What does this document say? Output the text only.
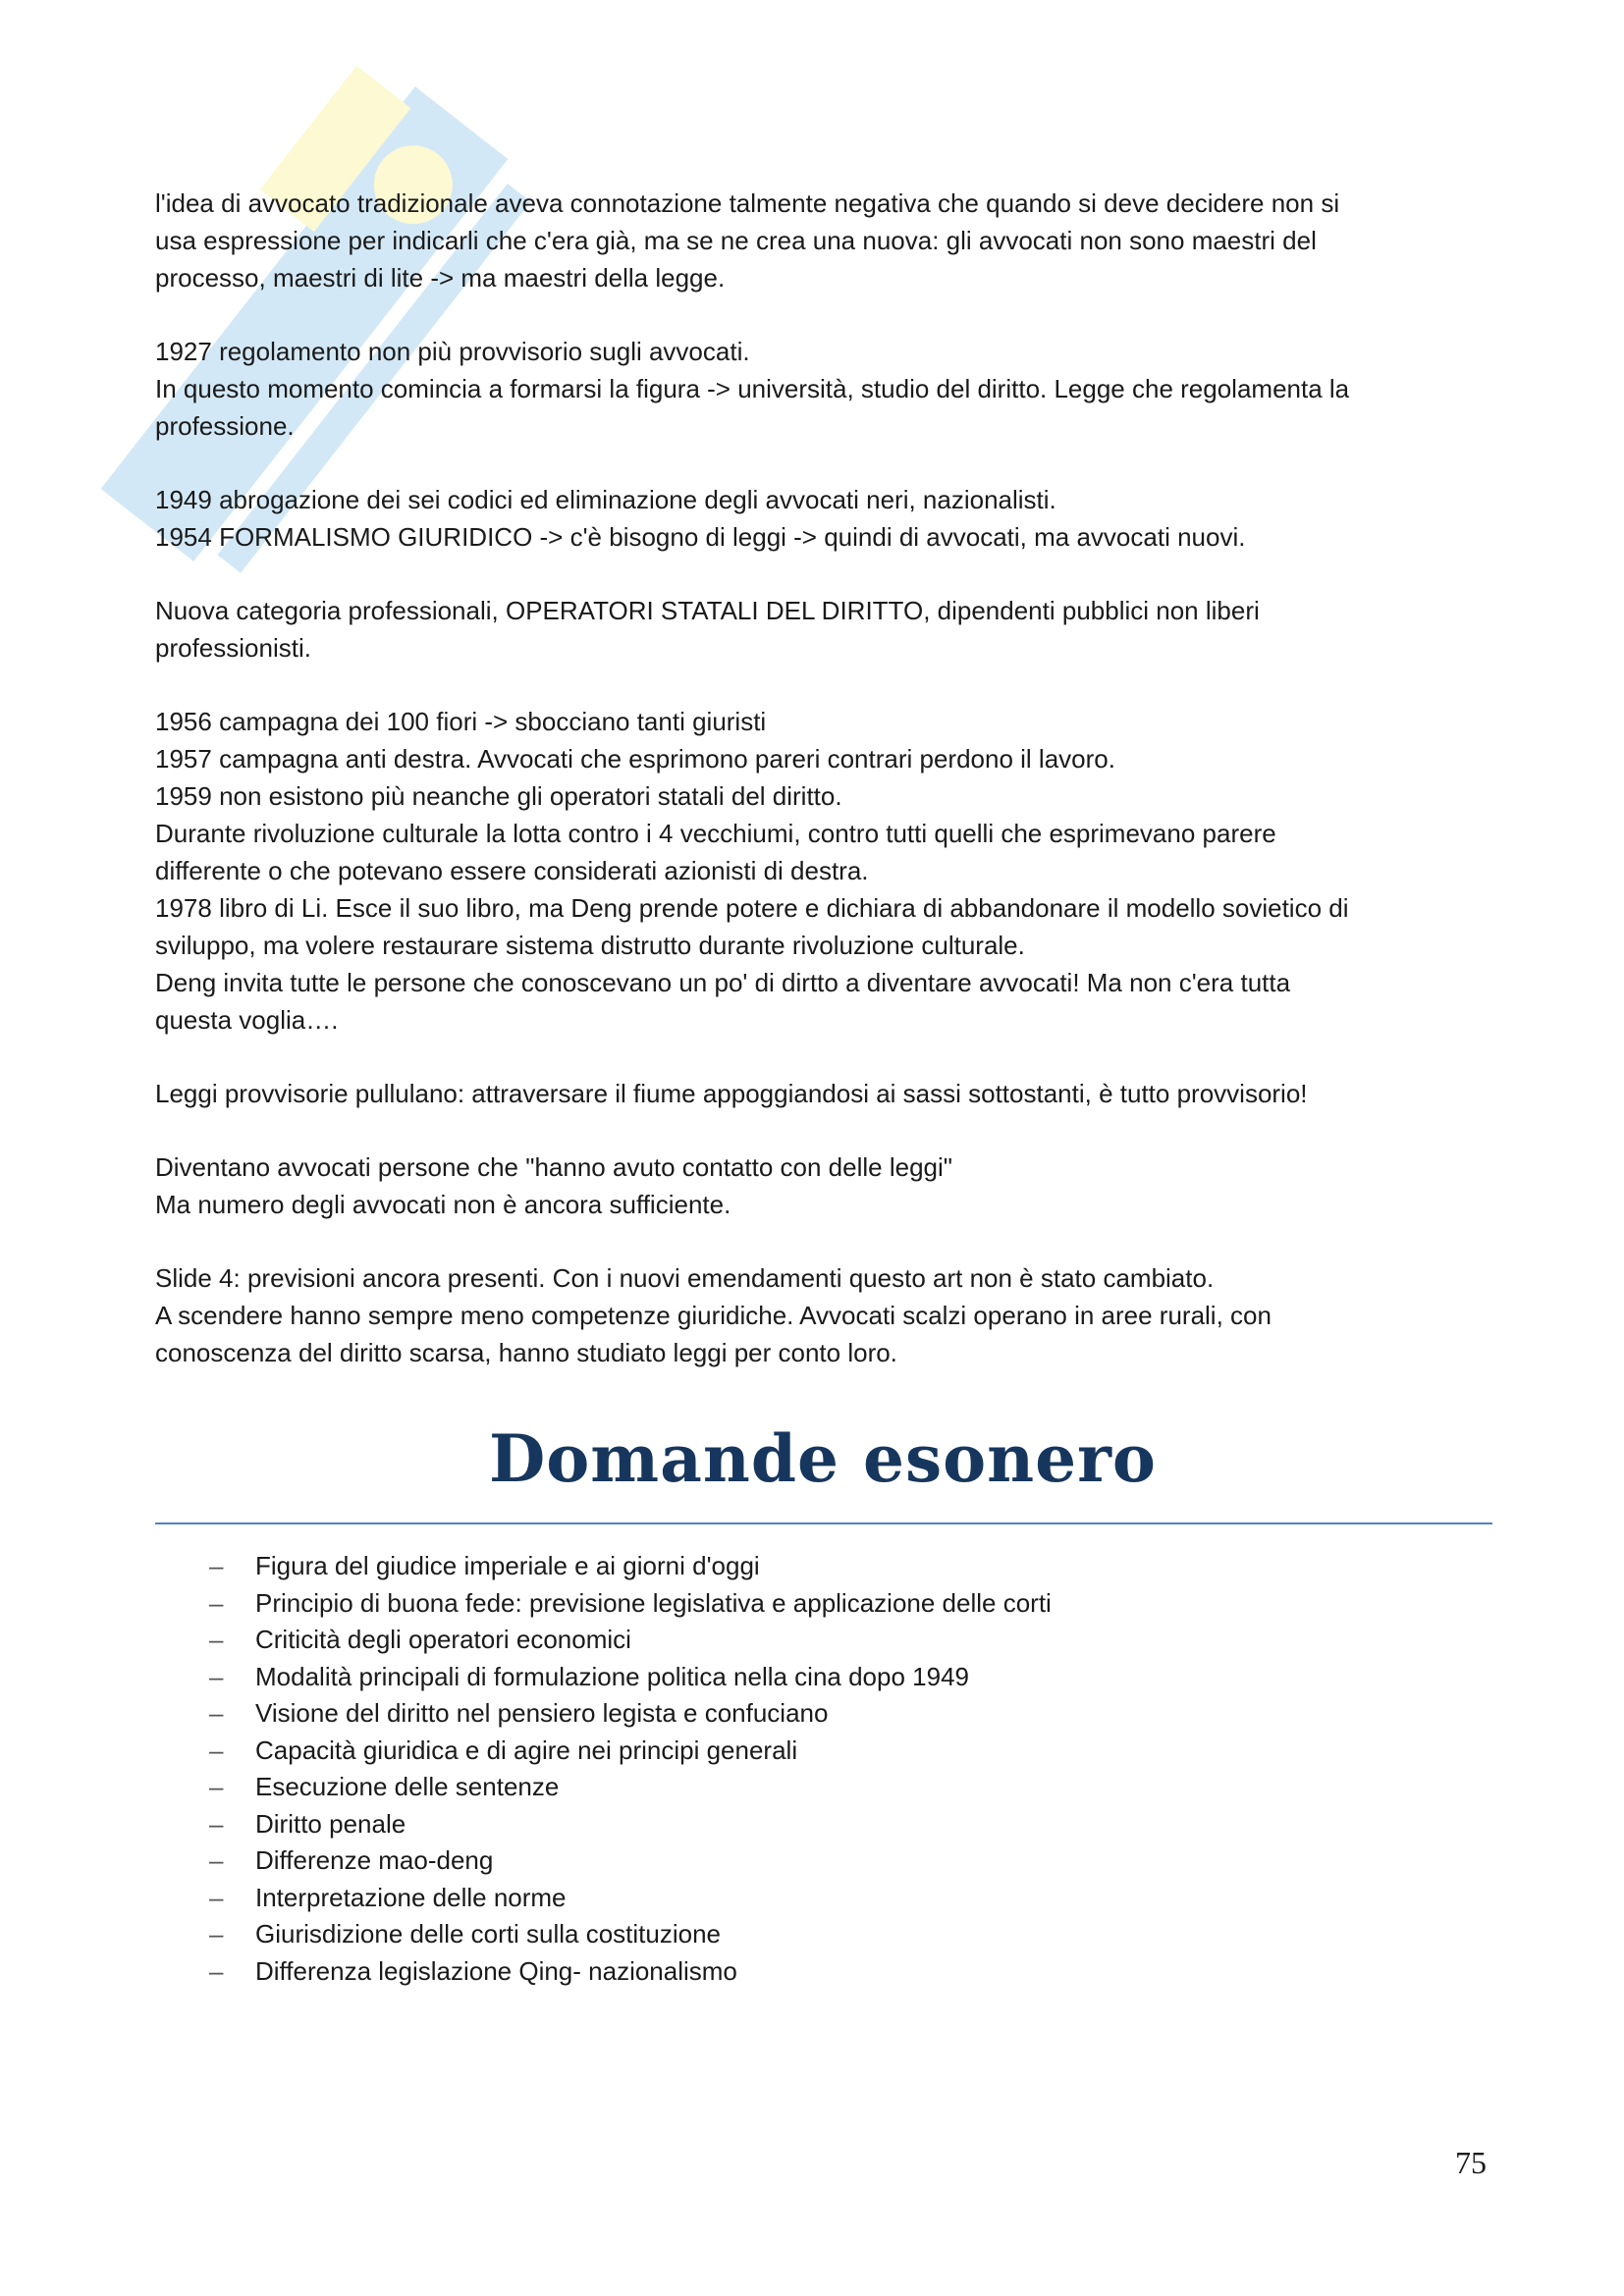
l'idea di avvocato tradizionale aveva connotazione talmente negativa che quando si deve decidere non si
usa espressione per indicarli che c'era già, ma se ne crea una nuova: gli avvocati non sono maestri del
processo, maestri di lite -> ma maestri della legge.

1927 regolamento non più provvisorio sugli avvocati.
In questo momento comincia a formarsi la figura -> università, studio del diritto. Legge che regolamenta la
professione.

1949 abrogazione dei sei codici ed eliminazione degli avvocati neri, nazionalisti.
1954 FORMALISMO GIURIDICO -> c'è bisogno di leggi -> quindi di avvocati, ma avvocati nuovi.

Nuova categoria professionali, OPERATORI STATALI DEL DIRITTO, dipendenti pubblici non liberi
professionisti.

1956 campagna dei 100 fiori -> sbocciano tanti giuristi
1957 campagna anti destra. Avvocati che esprimono pareri contrari perdono il lavoro.
1959 non esistono più neanche gli operatori statali del diritto.
Durante rivoluzione culturale la lotta contro i 4 vecchiumi, contro tutti quelli che esprimevano parere
differente o che potevano essere considerati azionisti di destra.
1978 libro di Li. Esce il suo libro, ma Deng prende potere e dichiara di abbandonare il modello sovietico di
sviluppo, ma volere restaurare sistema distrutto durante rivoluzione culturale.
Deng invita tutte le persone che conoscevano un po' di dirtto a diventare avvocati! Ma non c'era tutta
questa voglia….

Leggi provvisorie pullulano: attraversare il fiume appoggiandosi ai sassi sottostanti, è tutto provvisorio!

Diventano avvocati persone che "hanno avuto contatto con delle leggi"
Ma numero degli avvocati non è ancora sufficiente.

Slide 4: previsioni ancora presenti. Con i nuovi emendamenti questo art non è stato cambiato.
A scendere hanno sempre meno competenze giuridiche. Avvocati scalzi operano in aree rurali, con
conoscenza del diritto scarsa, hanno studiato leggi per conto loro.

Domande esonero
– Figura del giudice imperiale e ai giorni d'oggi
– Principio di buona fede: previsione legislativa e applicazione delle corti
– Criticità degli operatori economici
– Modalità principali di formulazione politica nella cina dopo 1949
– Visione del diritto nel pensiero legista e confuciano
– Capacità giuridica e di agire nei principi generali
– Esecuzione delle sentenze
– Diritto penale
– Differenze mao-deng
– Interpretazione delle norme
– Giurisdizione delle corti sulla costituzione
– Differenza legislazione Qing- nazionalismo
75
